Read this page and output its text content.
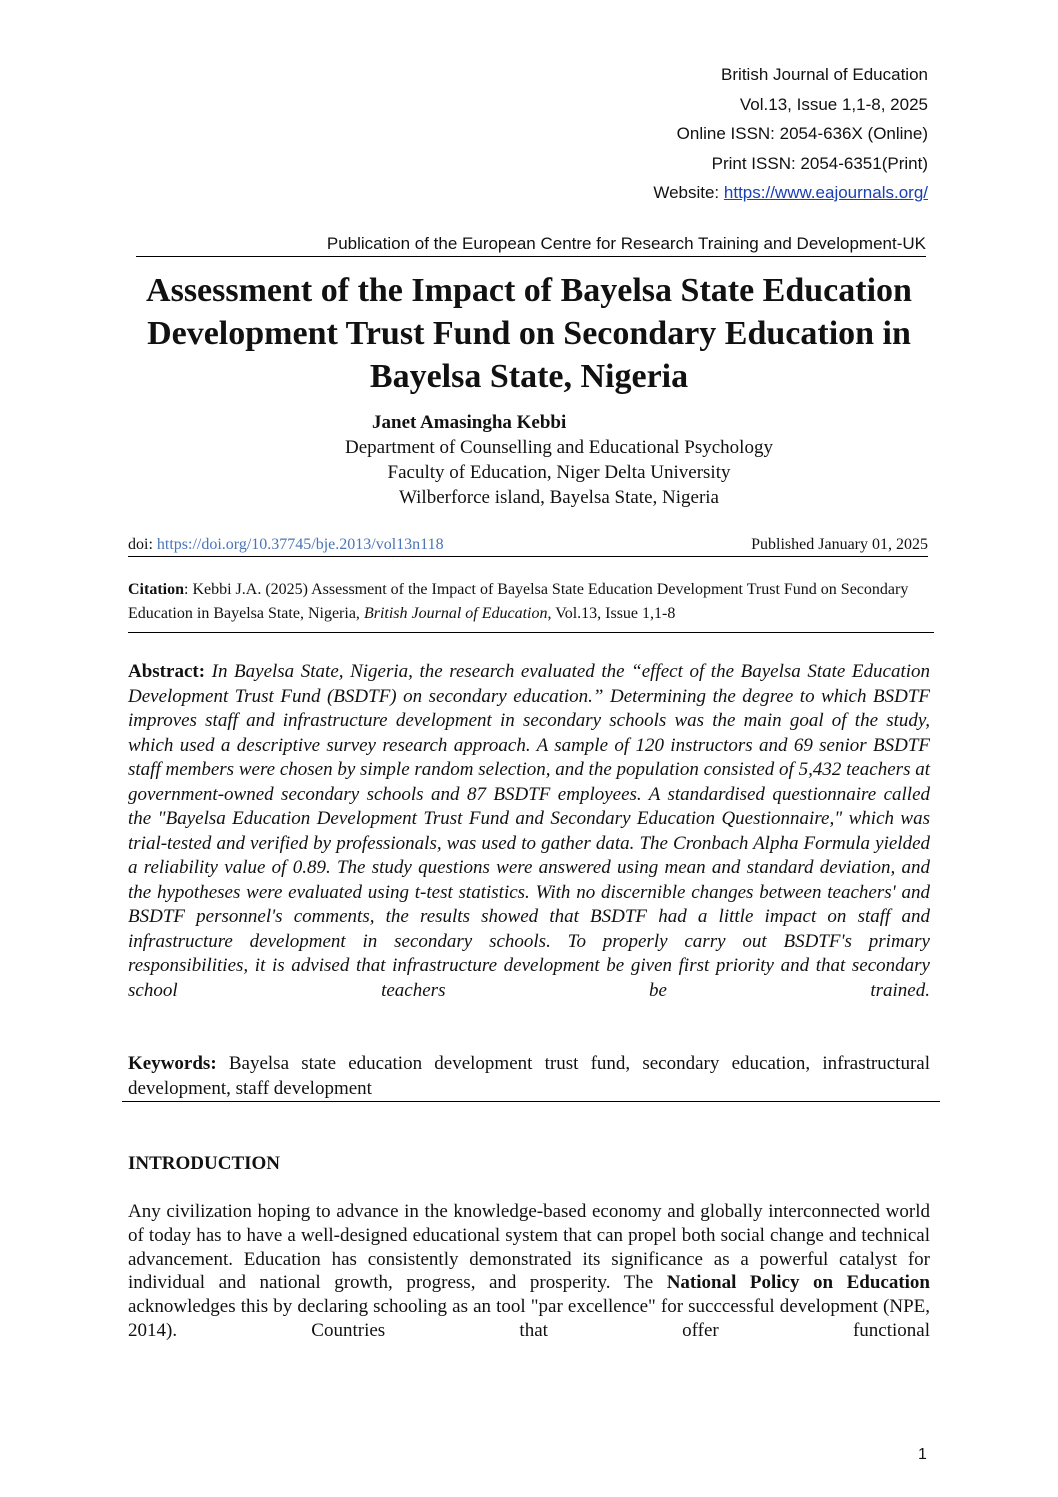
British Journal of Education
Vol.13, Issue 1,1-8, 2025
Online ISSN: 2054-636X (Online)
Print ISSN: 2054-6351(Print)
Website: https://www.eajournals.org/
Publication of the European Centre for Research Training and Development-UK
Assessment of the Impact of Bayelsa State Education Development Trust Fund on Secondary Education in Bayelsa State, Nigeria
Janet Amasingha Kebbi
Department of Counselling and Educational Psychology
Faculty of Education, Niger Delta University
Wilberforce island, Bayelsa State, Nigeria
doi: https://doi.org/10.37745/bje.2013/vol13n118	Published January 01, 2025
Citation: Kebbi J.A. (2025) Assessment of the Impact of Bayelsa State Education Development Trust Fund on Secondary Education in Bayelsa State, Nigeria, British Journal of Education, Vol.13, Issue 1,1-8
Abstract: In Bayelsa State, Nigeria, the research evaluated the “effect of the Bayelsa State Education Development Trust Fund (BSDTF) on secondary education.” Determining the degree to which BSDTF improves staff and infrastructure development in secondary schools was the main goal of the study, which used a descriptive survey research approach. A sample of 120 instructors and 69 senior BSDTF staff members were chosen by simple random selection, and the population consisted of 5,432 teachers at government-owned secondary schools and 87 BSDTF employees. A standardised questionnaire called the "Bayelsa Education Development Trust Fund and Secondary Education Questionnaire," which was trial-tested and verified by professionals, was used to gather data. The Cronbach Alpha Formula yielded a reliability value of 0.89. The study questions were answered using mean and standard deviation, and the hypotheses were evaluated using t-test statistics. With no discernible changes between teachers' and BSDTF personnel's comments, the results showed that BSDTF had a little impact on staff and infrastructure development in secondary schools. To properly carry out BSDTF's primary responsibilities, it is advised that infrastructure development be given first priority and that secondary school teachers be trained.
Keywords: Bayelsa state education development trust fund, secondary education, infrastructural development, staff development
INTRODUCTION
Any civilization hoping to advance in the knowledge-based economy and globally interconnected world of today has to have a well-designed educational system that can propel both social change and technical advancement. Education has consistently demonstrated its significance as a powerful catalyst for individual and national growth, progress, and prosperity. The National Policy on Education acknowledges this by declaring schooling as an tool "par excellence" for succcessful development (NPE, 2014). Countries that offer functional
1
